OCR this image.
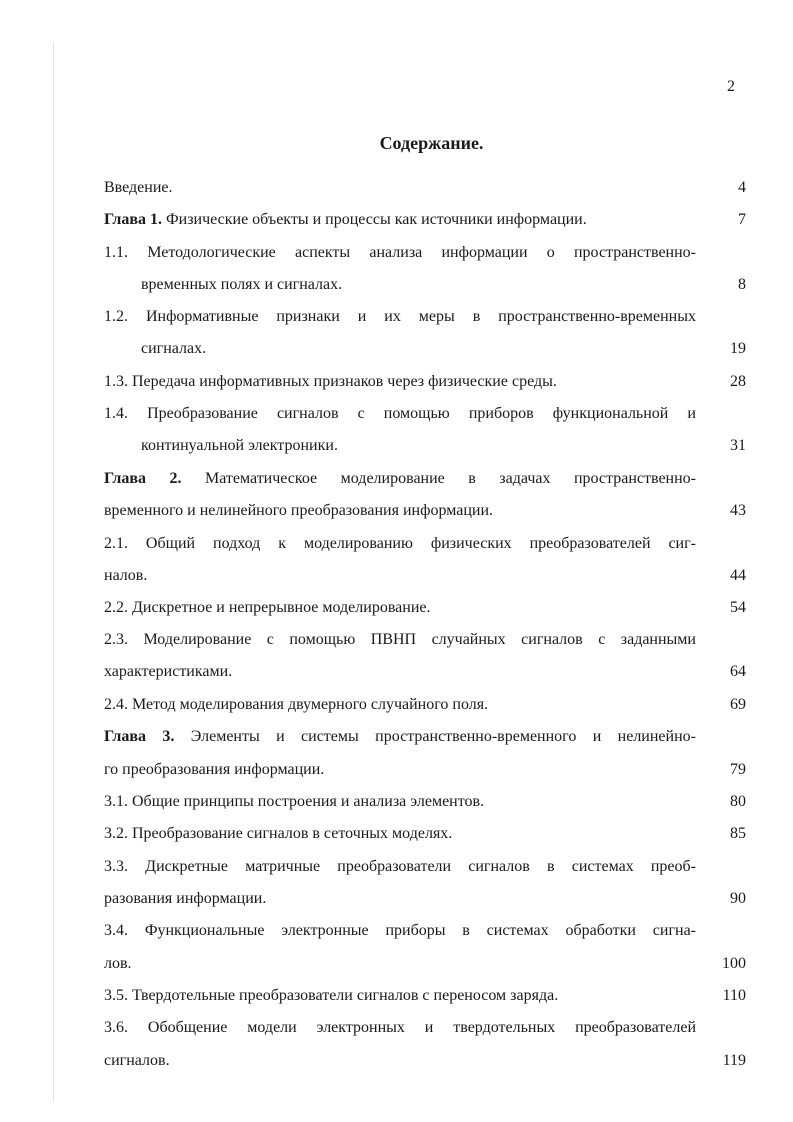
2
Содержание.
Введение.	4
Глава 1. Физические объекты и процессы как источники информации.	7
1.1. Методологические аспекты анализа информации о пространственно-
временных полях и сигналах.	8
1.2. Информативные признаки и их меры в пространственно-временных
сигналах.	19
1.3. Передача информативных признаков через физические среды.	28
1.4. Преобразование сигналов с помощью приборов функциональной и
континуальной электроники.	31
Глава 2. Математическое моделирование в задачах пространственно-
временного и нелинейного преобразования информации.	43
2.1. Общий подход к моделированию физических преобразователей сиг-
налов.	44
2.2. Дискретное и непрерывное моделирование.	54
2.3. Моделирование с помощью ПВНП случайных сигналов с заданными
характеристиками.	64
2.4. Метод моделирования двумерного случайного поля.	69
Глава 3. Элементы и системы пространственно-временного и нелинейно-
го преобразования информации.	79
3.1. Общие принципы построения и анализа элементов.	80
3.2. Преобразование сигналов в сеточных моделях.	85
3.3. Дискретные матричные преобразователи сигналов в системах преоб-
разования информации.	90
3.4. Функциональные электронные приборы в системах обработки сигна-
лов.	100
3.5. Твердотельные преобразователи сигналов с переносом заряда.	110
3.6. Обобщение модели электронных и твердотельных преобразователей
сигналов.	119
